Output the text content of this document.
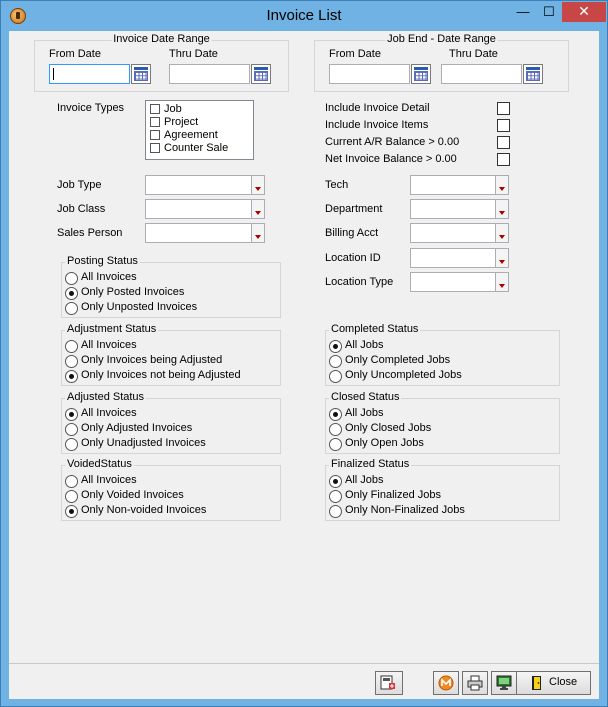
Invoice List	—	☐	✕
Invoice Date Range
From Date	Thru Date
Job End - Date Range
From Date	Thru Date
Invoice Types	Job
Project
Agreement
Counter Sale
Include Invoice Detail
Include Invoice Items
Current A/R Balance > 0.00
Net Invoice Balance > 0.00
Job Type
Job Class
Sales Person
Tech
Department
Billing Acct
Location ID
Location Type
Posting Status
All Invoices
Only Posted Invoices
Only Unposted Invoices
Adjustment Status
All Invoices
Only Invoices being Adjusted
Only Invoices not being Adjusted
Adjusted Status
All Invoices
Only Adjusted Invoices
Only Unadjusted Invoices
VoidedStatus
All Invoices
Only Voided Invoices
Only Non-voided Invoices
Completed Status
All Jobs
Only Completed Jobs
Only Uncompleted Jobs
Closed Status
All Jobs
Only Closed Jobs
Only Open Jobs
Finalized Status
All Jobs
Only Finalized Jobs
Only Non-Finalized Jobs
Close
